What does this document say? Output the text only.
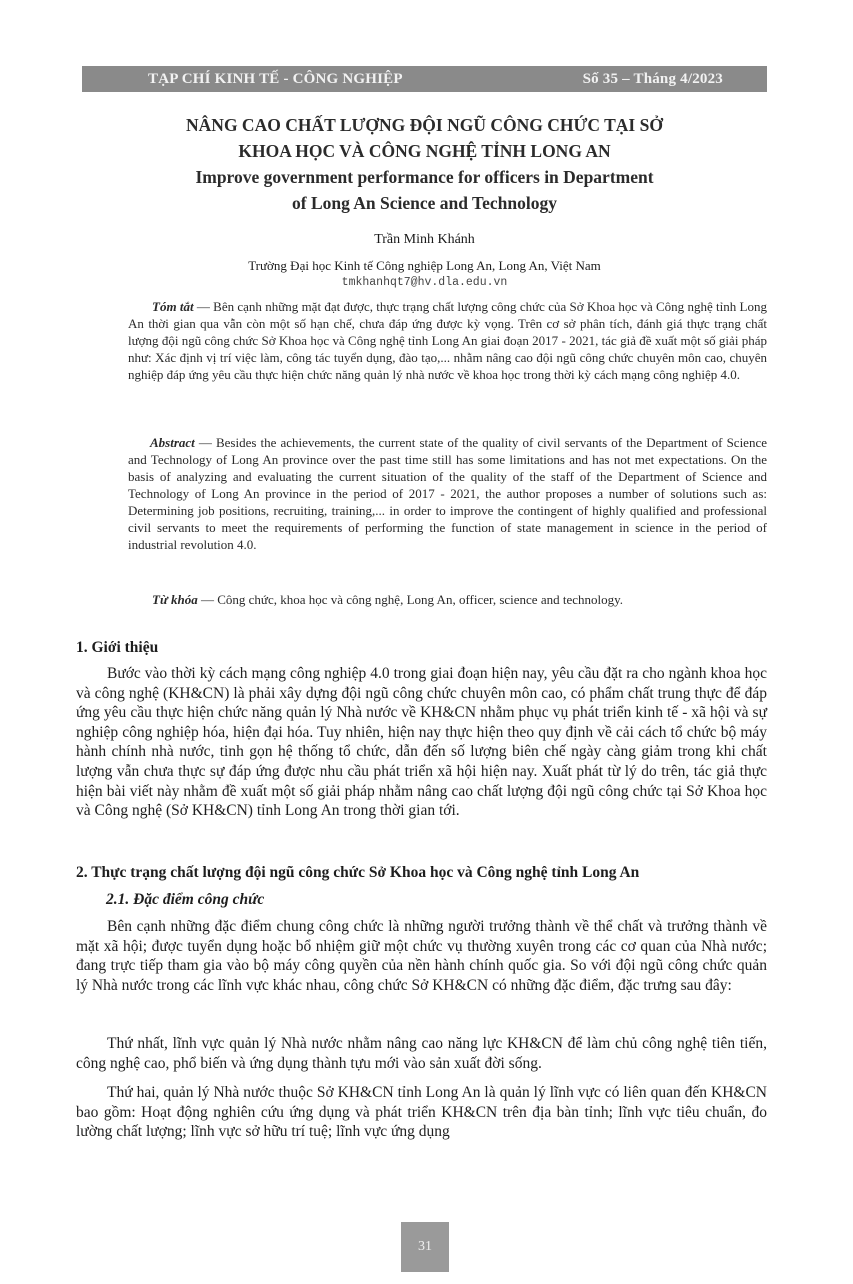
TẠP CHÍ KINH TẾ - CÔNG NGHIỆP	Số 35 – Tháng 4/2023

NÂNG CAO CHẤT LƯỢNG ĐỘI NGŨ CÔNG CHỨC TẠI SỞ

KHOA HỌC VÀ CÔNG NGHỆ TỈNH LONG AN

Improve government performance for officers in Department

of Long An Science and Technology

Trần Minh Khánh
Trường Đại học Kinh tế Công nghiệp Long An, Long An, Việt Nam
tmkhanhqt7@hv.dla.edu.vn
Tóm tắt — Bên cạnh những mặt đạt được, thực trạng chất lượng công chức của Sở Khoa học và Công nghệ tỉnh Long An thời gian qua vẫn còn một số hạn chế, chưa đáp ứng được kỳ vọng. Trên cơ sở phân tích, đánh giá thực trạng chất lượng đội ngũ công chức Sở Khoa học và Công nghệ tỉnh Long An giai đoạn 2017 - 2021, tác giả đề xuất một số giải pháp như: Xác định vị trí việc làm, công tác tuyển dụng, đào tạo,... nhằm nâng cao đội ngũ công chức chuyên môn cao, chuyên nghiệp đáp ứng yêu cầu thực hiện chức năng quản lý nhà nước về khoa học trong thời kỳ cách mạng công nghiệp 4.0.
Abstract — Besides the achievements, the current state of the quality of civil servants of the Department of Science and Technology of Long An province over the past time still has some limitations and has not met expectations. On the basis of analyzing and evaluating the current situation of the quality of the staff of the Department of Science and Technology of Long An province in the period of 2017 - 2021, the author proposes a number of solutions such as: Determining job positions, recruiting, training,... in order to improve the contingent of highly qualified and professional civil servants to meet the requirements of performing the function of state management in science in the period of industrial revolution 4.0.
Từ khóa — Công chức, khoa học và công nghệ, Long An, officer, science and technology.
1. Giới thiệu

Bước vào thời kỳ cách mạng công nghiệp 4.0 trong giai đoạn hiện nay, yêu cầu đặt ra cho ngành khoa học và công nghệ (KH&CN) là phải xây dựng đội ngũ công chức chuyên môn cao, có phẩm chất trung thực để đáp ứng yêu cầu thực hiện chức năng quản lý Nhà nước về KH&CN nhằm phục vụ phát triển kinh tế - xã hội và sự nghiệp công nghiệp hóa, hiện đại hóa. Tuy nhiên, hiện nay thực hiện theo quy định về cải cách tổ chức bộ máy hành chính nhà nước, tinh gọn hệ thống tổ chức, dẫn đến số lượng biên chế ngày càng giảm trong khi chất lượng vẫn chưa thực sự đáp ứng được nhu cầu phát triển xã hội hiện nay. Xuất phát từ lý do trên, tác giả thực hiện bài viết này nhằm đề xuất một số giải pháp nhằm nâng cao chất lượng đội ngũ công chức tại Sở Khoa học và Công nghệ (Sở KH&CN) tỉnh Long An trong thời gian tới.

2. Thực trạng chất lượng đội ngũ công chức Sở Khoa học và Công nghệ tỉnh Long An
2.1. Đặc điểm công chức

Bên cạnh những đặc điểm chung công chức là những người trưởng thành về thể chất và trưởng thành về mặt xã hội; được tuyển dụng hoặc bổ nhiệm giữ một chức vụ thường xuyên trong các cơ quan của Nhà nước; đang trực tiếp tham gia vào bộ máy công quyền của nền hành chính quốc gia. So với đội ngũ công chức quản lý Nhà nước trong các lĩnh vực khác nhau, công chức Sở KH&CN có những đặc điểm, đặc trưng sau đây:

Thứ nhất, lĩnh vực quản lý Nhà nước nhằm nâng cao năng lực KH&CN để làm chủ công nghệ tiên tiến, công nghệ cao, phổ biến và ứng dụng thành tựu mới vào sản xuất đời sống.

Thứ hai, quản lý Nhà nước thuộc Sở KH&CN tỉnh Long An là quản lý lĩnh vực có liên quan đến KH&CN bao gồm: Hoạt động nghiên cứu ứng dụng và phát triển KH&CN trên địa bàn tỉnh; lĩnh vực tiêu chuẩn, đo lường chất lượng; lĩnh vực sở hữu trí tuệ; lĩnh vực ứng dụng

31
